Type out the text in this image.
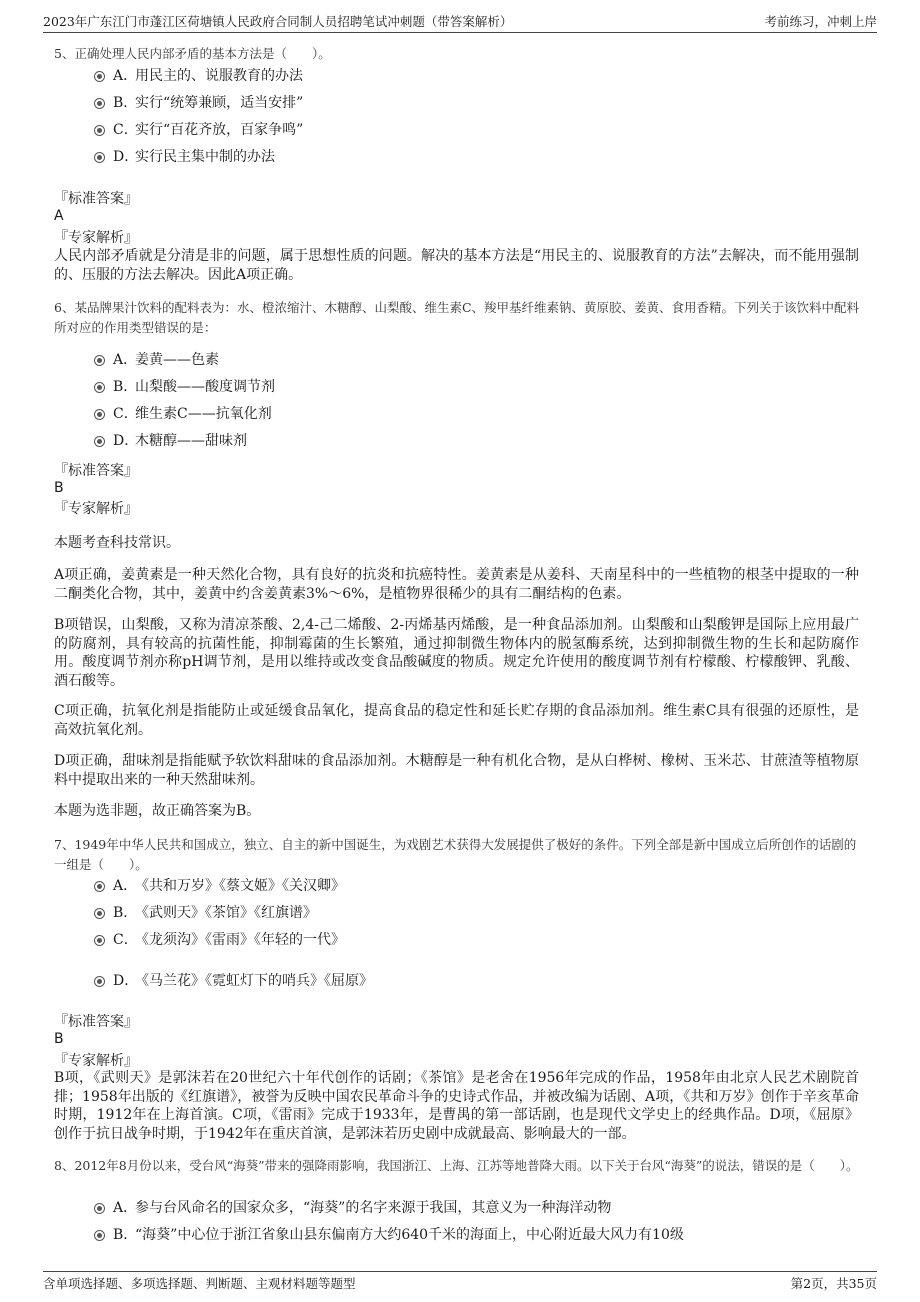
2023年广东江门市蓬江区荷塘镇人民政府合同制人员招聘笔试冲刺题（带答案解析）	考前练习，冲刺上岸
5、正确处理人民内部矛盾的基本方法是（　　）。
A．用民主的、说服教育的办法
B．实行“统筹兼顾，适当安排”
C．实行“百花齐放，百家争鸣”
D．实行民主集中制的办法
『标准答案』
A
『专家解析』
人民内部矛盾就是分清是非的问题，属于思想性质的问题。解决的基本方法是“用民主的、说服教育的方法”去解决，而不能用强制的、压服的方法去解决。因此A项正确。
6、某品牌果汁饮料的配料表为：水、橙浓缩汁、木糖醇、山梨酸、维生素C、羧甲基纤维素钠、黄原胶、姜黄、食用香精。下列关于该饮料中配料所对应的作用类型错误的是：
A．姜黄——色素
B．山梨酸——酸度调节剂
C．维生素C——抗氧化剂
D．木糖醇——甜味剂
『标准答案』
B
『专家解析』
本题考查科技常识。
A项正确，姜黄素是一种天然化合物，具有良好的抗炎和抗癌特性。姜黄素是从姜科、天南星科中的一些植物的根茎中提取的一种二酮类化合物，其中，姜黄中约含姜黄素3%～6%，是植物界很稀少的具有二酮结构的色素。
B项错误，山梨酸，又称为清凉茶酸、2,4-己二烯酸、2-丙烯基丙烯酸，是一种食品添加剂。山梨酸和山梨酸钾是国际上应用最广的防腐剂，具有较高的抗菌性能，抑制霉菌的生长繁殖，通过抑制微生物体内的脱氢酶系统，达到抑制微生物的生长和起防腐作用。酸度调节剂亦称pH调节剂，是用以维持或改变食品酸碱度的物质。规定允许使用的酸度调节剂有柠檬酸、柠檬酸钾、乳酸、酒石酸等。
C项正确，抗氧化剂是指能防止或延缓食品氧化，提高食品的稳定性和延长贮存期的食品添加剂。维生素C具有很强的还原性，是高效抗氧化剂。
D项正确，甜味剂是指能赋予软饮料甜味的食品添加剂。木糖醇是一种有机化合物，是从白桦树、橡树、玉米芯、甘蔗渣等植物原料中提取出来的一种天然甜味剂。
本题为选非题，故正确答案为B。
7、1949年中华人民共和国成立，独立、自主的新中国诞生，为戏剧艺术获得大发展提供了极好的条件。下列全部是新中国成立后所创作的话剧的一组是（　　）。
A．《共和万岁》《蔡文姬》《关汉卿》
B．《武则天》《茶馆》《红旗谱》
C．《龙须沟》《雷雨》《年轻的一代》
D．《马兰花》《霓虹灯下的哨兵》《屈原》
『标准答案』
B
『专家解析』
B项，《武则天》是郭沫若在20世纪六十年代创作的话剧；《茶馆》是老舍在1956年完成的作品，1958年由北京人民艺术剧院首排；1958年出版的《红旗谱》，被誉为反映中国农民革命斗争的史诗式作品，并被改编为话剧、A项，《共和万岁》创作于辛亥革命时期，1912年在上海首演。C项，《雷雨》完成于1933年，是曹禺的第一部话剧，也是现代文学史上的经典作品。D项，《屈原》创作于抗日战争时期，于1942年在重庆首演，是郭沫若历史剧中成就最高、影响最大的一部。
8、2012年8月份以来，受台风“海葵”带来的强降雨影响，我国浙江、上海、江苏等地普降大雨。以下关于台风“海葵”的说法，错误的是（　　）。
A．参与台风命名的国家众多，“海葵”的名字来源于我国，其意义为一种海洋动物
B．“海葵”中心位于浙江省象山县东偏南方大约640千米的海面上，中心附近最大风力有10级
含单项选择题、多项选择题、判断题、主观材料题等题型	第2页，共35页
